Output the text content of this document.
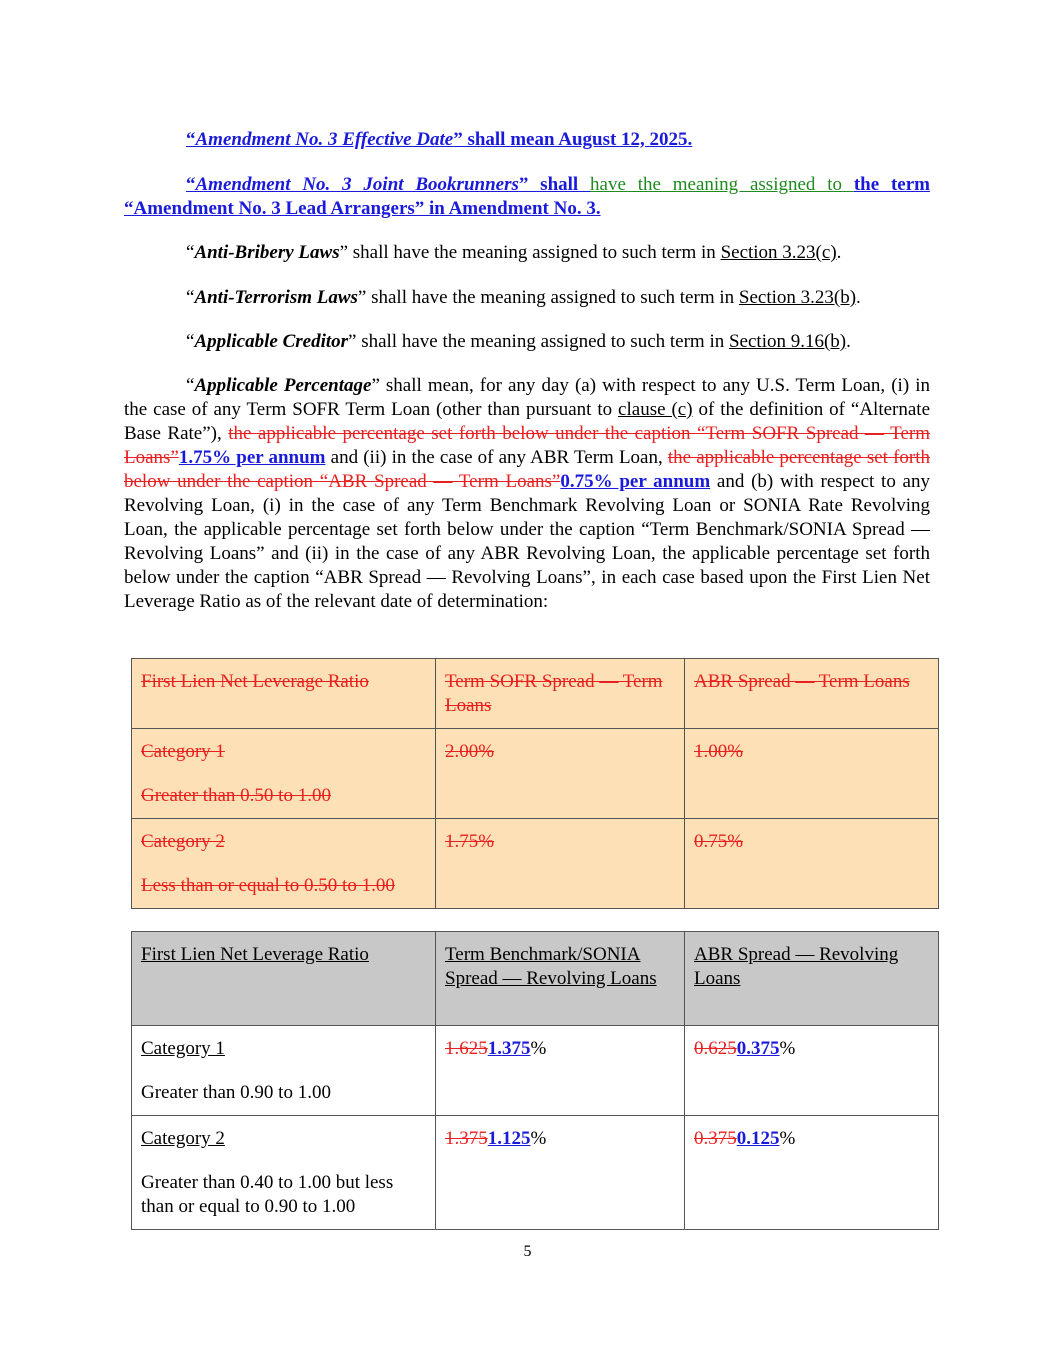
“Amendment No. 3 Effective Date” shall mean August 12, 2025.

“Amendment No. 3 Joint Bookrunners” shall have the meaning assigned to the term “Amendment No. 3 Lead Arrangers” in Amendment No. 3.

“Anti-Bribery Laws” shall have the meaning assigned to such term in Section 3.23(c).

“Anti-Terrorism Laws” shall have the meaning assigned to such term in Section 3.23(b).

“Applicable Creditor” shall have the meaning assigned to such term in Section 9.16(b).

“Applicable Percentage” shall mean, for any day (a) with respect to any U.S. Term Loan, (i) in the case of any Term SOFR Term Loan (other than pursuant to clause (c) of the definition of “Alternate Base Rate”), the applicable percentage set forth below under the caption “Term SOFR Spread — Term Loans”1.75% per annum and (ii) in the case of any ABR Term Loan, the applicable percentage set forth below under the caption “ABR Spread — Term Loans”0.75% per annum and (b) with respect to any Revolving Loan, (i) in the case of any Term Benchmark Revolving Loan or SONIA Rate Revolving Loan, the applicable percentage set forth below under the caption “Term Benchmark/SONIA Spread — Revolving Loans” and (ii) in the case of any ABR Revolving Loan, the applicable percentage set forth below under the caption “ABR Spread — Revolving Loans”, in each case based upon the First Lien Net Leverage Ratio as of the relevant date of determination:

First Lien Net Leverage Ratio	Term SOFR Spread — Term Loans	ABR Spread — Term Loans

Category 1

Greater than 0.50 to 1.00	2.00%	1.00%

Category 2

Less than or equal to 0.50 to 1.00	1.75%	0.75%
First Lien Net Leverage Ratio	Term Benchmark/SONIA Spread — Revolving Loans	ABR Spread — Revolving Loans

Category 1

Greater than 0.90 to 1.00	1.6251.375%	0.6250.375%

Category 2

Greater than 0.40 to 1.00 but less than or equal to 0.90 to 1.00	1.3751.125%	0.3750.125%
5
